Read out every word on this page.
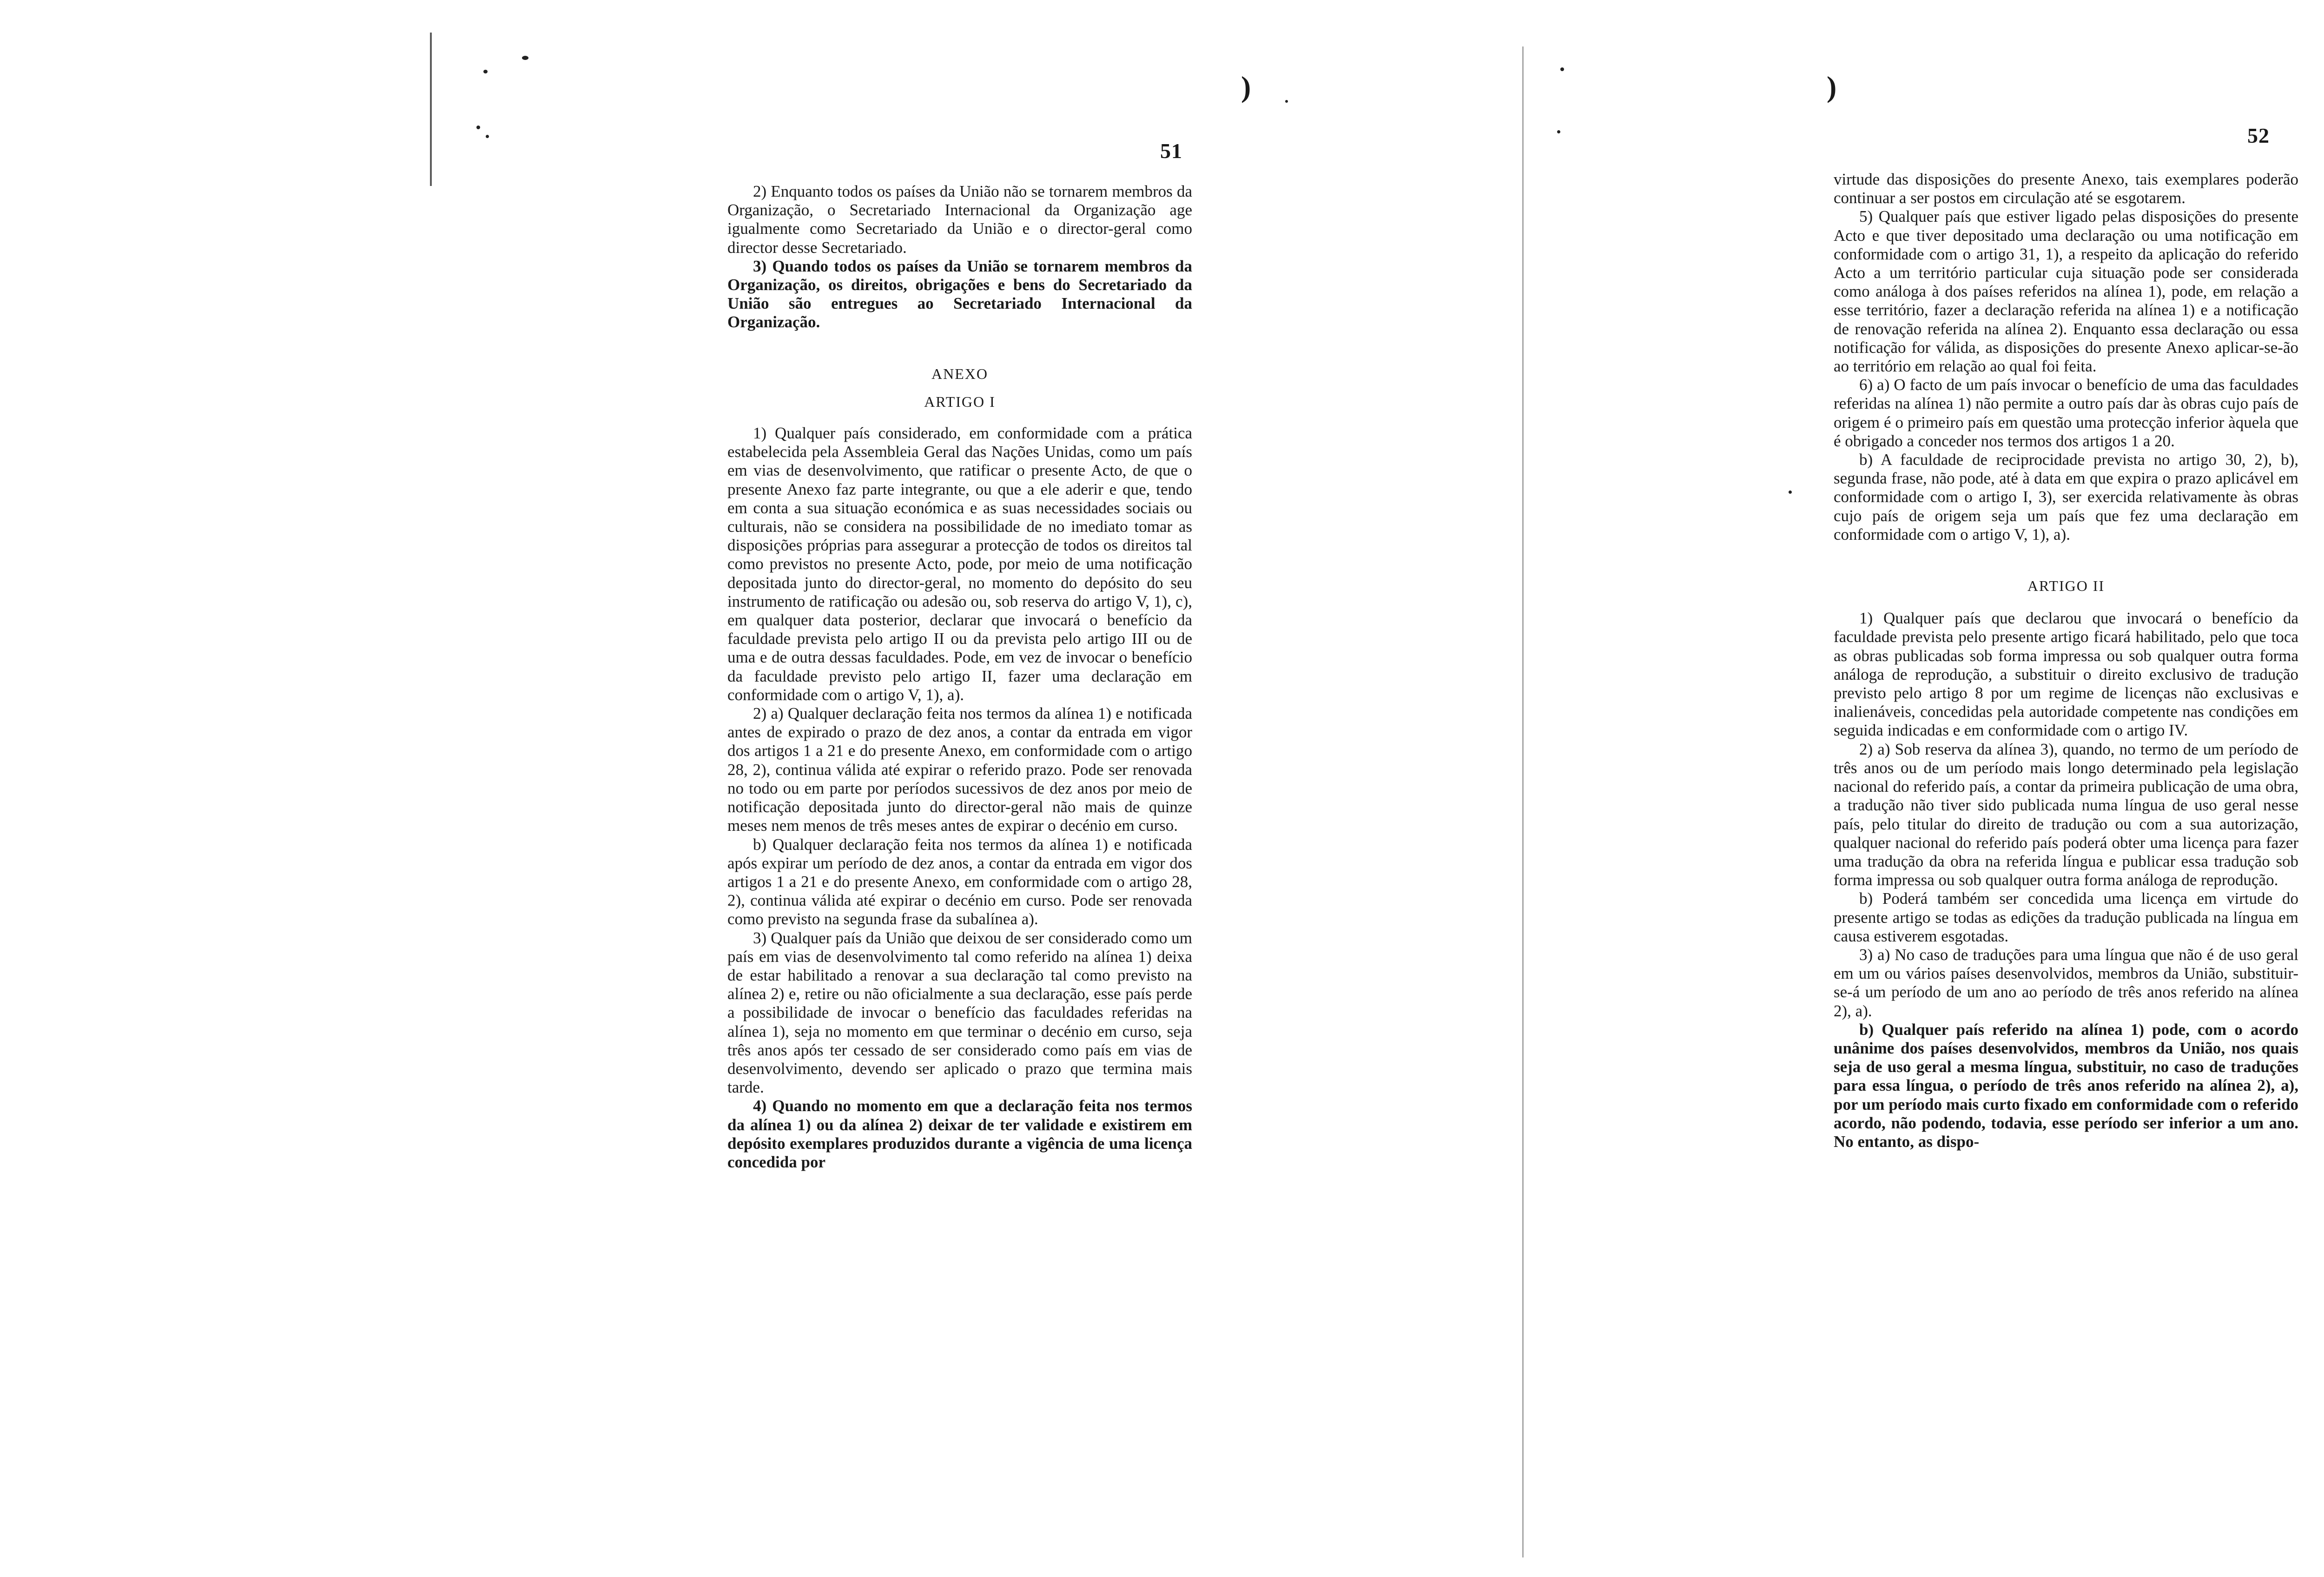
)
51

2) Enquanto todos os países da União não se tornarem membros da Organização, o Secretariado Internacional da Organização age igualmente como Secretariado da União e o director-geral como director desse Secretariado.

3) Quando todos os países da União se tornarem membros da Organização, os direitos, obrigações e bens do Secretariado da União são entregues ao Secretariado Internacional da Organização.

ANEXO
ARTIGO I

1) Qualquer país considerado, em conformidade com a prática estabelecida pela Assembleia Geral das Nações Unidas, como um país em vias de desenvolvimento, que ratificar o presente Acto, de que o presente Anexo faz parte integrante, ou que a ele aderir e que, tendo em conta a sua situação económica e as suas necessidades sociais ou culturais, não se considera na possibilidade de no imediato tomar as disposições próprias para assegurar a protecção de todos os direitos tal como previstos no presente Acto, pode, por meio de uma notificação depositada junto do director-geral, no momento do depósito do seu instrumento de ratificação ou adesão ou, sob reserva do artigo V, 1), c), em qualquer data posterior, declarar que invocará o benefício da faculdade prevista pelo artigo II ou da prevista pelo artigo III ou de uma e de outra dessas faculdades. Pode, em vez de invocar o benefício da faculdade previsto pelo artigo II, fazer uma declaração em conformidade com o artigo V, 1), a).

2) a) Qualquer declaração feita nos termos da alínea 1) e notificada antes de expirado o prazo de dez anos, a contar da entrada em vigor dos artigos 1 a 21 e do presente Anexo, em conformidade com o artigo 28, 2), continua válida até expirar o referido prazo. Pode ser renovada no todo ou em parte por períodos sucessivos de dez anos por meio de notificação depositada junto do director-geral não mais de quinze meses nem menos de três meses antes de expirar o decénio em curso.

b) Qualquer declaração feita nos termos da alínea 1) e notificada após expirar um período de dez anos, a contar da entrada em vigor dos artigos 1 a 21 e do presente Anexo, em conformidade com o artigo 28, 2), continua válida até expirar o decénio em curso. Pode ser renovada como previsto na segunda frase da subalínea a).

3) Qualquer país da União que deixou de ser considerado como um país em vias de desenvolvimento tal como referido na alínea 1) deixa de estar habilitado a renovar a sua declaração tal como previsto na alínea 2) e, retire ou não oficialmente a sua declaração, esse país perde a possibilidade de invocar o benefício das faculdades referidas na alínea 1), seja no momento em que terminar o decénio em curso, seja três anos após ter cessado de ser considerado como país em vias de desenvolvimento, devendo ser aplicado o prazo que termina mais tarde.

4) Quando no momento em que a declaração feita nos termos da alínea 1) ou da alínea 2) deixar de ter validade e existirem em depósito exemplares produzidos durante a vigência de uma licença concedida por

)
52

virtude das disposições do presente Anexo, tais exemplares poderão continuar a ser postos em circulação até se esgotarem.

5) Qualquer país que estiver ligado pelas disposições do presente Acto e que tiver depositado uma declaração ou uma notificação em conformidade com o artigo 31, 1), a respeito da aplicação do referido Acto a um território particular cuja situação pode ser considerada como análoga à dos países referidos na alínea 1), pode, em relação a esse território, fazer a declaração referida na alínea 1) e a notificação de renovação referida na alínea 2). Enquanto essa declaração ou essa notificação for válida, as disposições do presente Anexo aplicar-se-ão ao território em relação ao qual foi feita.

6) a) O facto de um país invocar o benefício de uma das faculdades referidas na alínea 1) não permite a outro país dar às obras cujo país de origem é o primeiro país em questão uma protecção inferior àquela que é obrigado a conceder nos termos dos artigos 1 a 20.

b) A faculdade de reciprocidade prevista no artigo 30, 2), b), segunda frase, não pode, até à data em que expira o prazo aplicável em conformidade com o artigo I, 3), ser exercida relativamente às obras cujo país de origem seja um país que fez uma declaração em conformidade com o artigo V, 1), a).

ARTIGO II

1) Qualquer país que declarou que invocará o benefício da faculdade prevista pelo presente artigo ficará habilitado, pelo que toca as obras publicadas sob forma impressa ou sob qualquer outra forma análoga de reprodução, a substituir o direito exclusivo de tradução previsto pelo artigo 8 por um regime de licenças não exclusivas e inalienáveis, concedidas pela autoridade competente nas condições em seguida indicadas e em conformidade com o artigo IV.

2) a) Sob reserva da alínea 3), quando, no termo de um período de três anos ou de um período mais longo determinado pela legislação nacional do referido país, a contar da primeira publicação de uma obra, a tradução não tiver sido publicada numa língua de uso geral nesse país, pelo titular do direito de tradução ou com a sua autorização, qualquer nacional do referido país poderá obter uma licença para fazer uma tradução da obra na referida língua e publicar essa tradução sob forma impressa ou sob qualquer outra forma análoga de reprodução.

b) Poderá também ser concedida uma licença em virtude do presente artigo se todas as edições da tradução publicada na língua em causa estiverem esgotadas.

3) a) No caso de traduções para uma língua que não é de uso geral em um ou vários países desenvolvidos, membros da União, substituir-se-á um período de um ano ao período de três anos referido na alínea 2), a).

b) Qualquer país referido na alínea 1) pode, com o acordo unânime dos países desenvolvidos, membros da União, nos quais seja de uso geral a mesma língua, substituir, no caso de traduções para essa língua, o período de três anos referido na alínea 2), a), por um período mais curto fixado em conformidade com o referido acordo, não podendo, todavia, esse período ser inferior a um ano. No entanto, as dispo-
